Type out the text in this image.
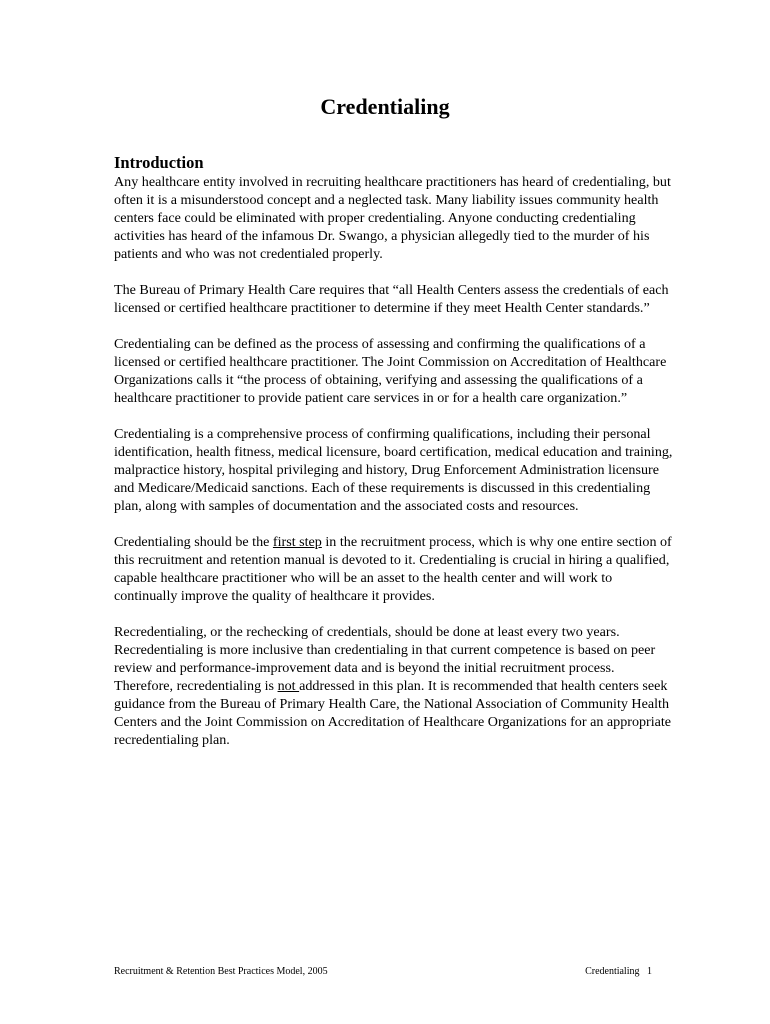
Credentialing
Introduction

Any healthcare entity involved in recruiting healthcare practitioners has heard of credentialing, but often it is a misunderstood concept and a neglected task. Many liability issues community health centers face could be eliminated with proper credentialing. Anyone conducting credentialing activities has heard of the infamous Dr. Swango, a physician allegedly tied to the murder of his patients and who was not credentialed properly.

The Bureau of Primary Health Care requires that “all Health Centers assess the credentials of each licensed or certified healthcare practitioner to determine if they meet Health Center standards.”

Credentialing can be defined as the process of assessing and confirming the qualifications of a licensed or certified healthcare practitioner. The Joint Commission on Accreditation of Healthcare Organizations calls it “the process of obtaining, verifying and assessing the qualifications of a healthcare practitioner to provide patient care services in or for a health care organization.”

Credentialing is a comprehensive process of confirming qualifications, including their personal identification, health fitness, medical licensure, board certification, medical education and training, malpractice history, hospital privileging and history, Drug Enforcement Administration licensure and Medicare/Medicaid sanctions. Each of these requirements is discussed in this credentialing plan, along with samples of documentation and the associated costs and resources.

Credentialing should be the first step in the recruitment process, which is why one entire section of this recruitment and retention manual is devoted to it. Credentialing is crucial in hiring a qualified, capable healthcare practitioner who will be an asset to the health center and will work to continually improve the quality of healthcare it provides.

Recredentialing, or the rechecking of credentials, should be done at least every two years. Recredentialing is more inclusive than credentialing in that current competence is based on peer review and performance-improvement data and is beyond the initial recruitment process. Therefore, recredentialing is not addressed in this plan. It is recommended that health centers seek guidance from the Bureau of Primary Health Care, the National Association of Community Health Centers and the Joint Commission on Accreditation of Healthcare Organizations for an appropriate recredentialing plan.

Recruitment & Retention Best Practices Model, 2005	Credentialing   1
